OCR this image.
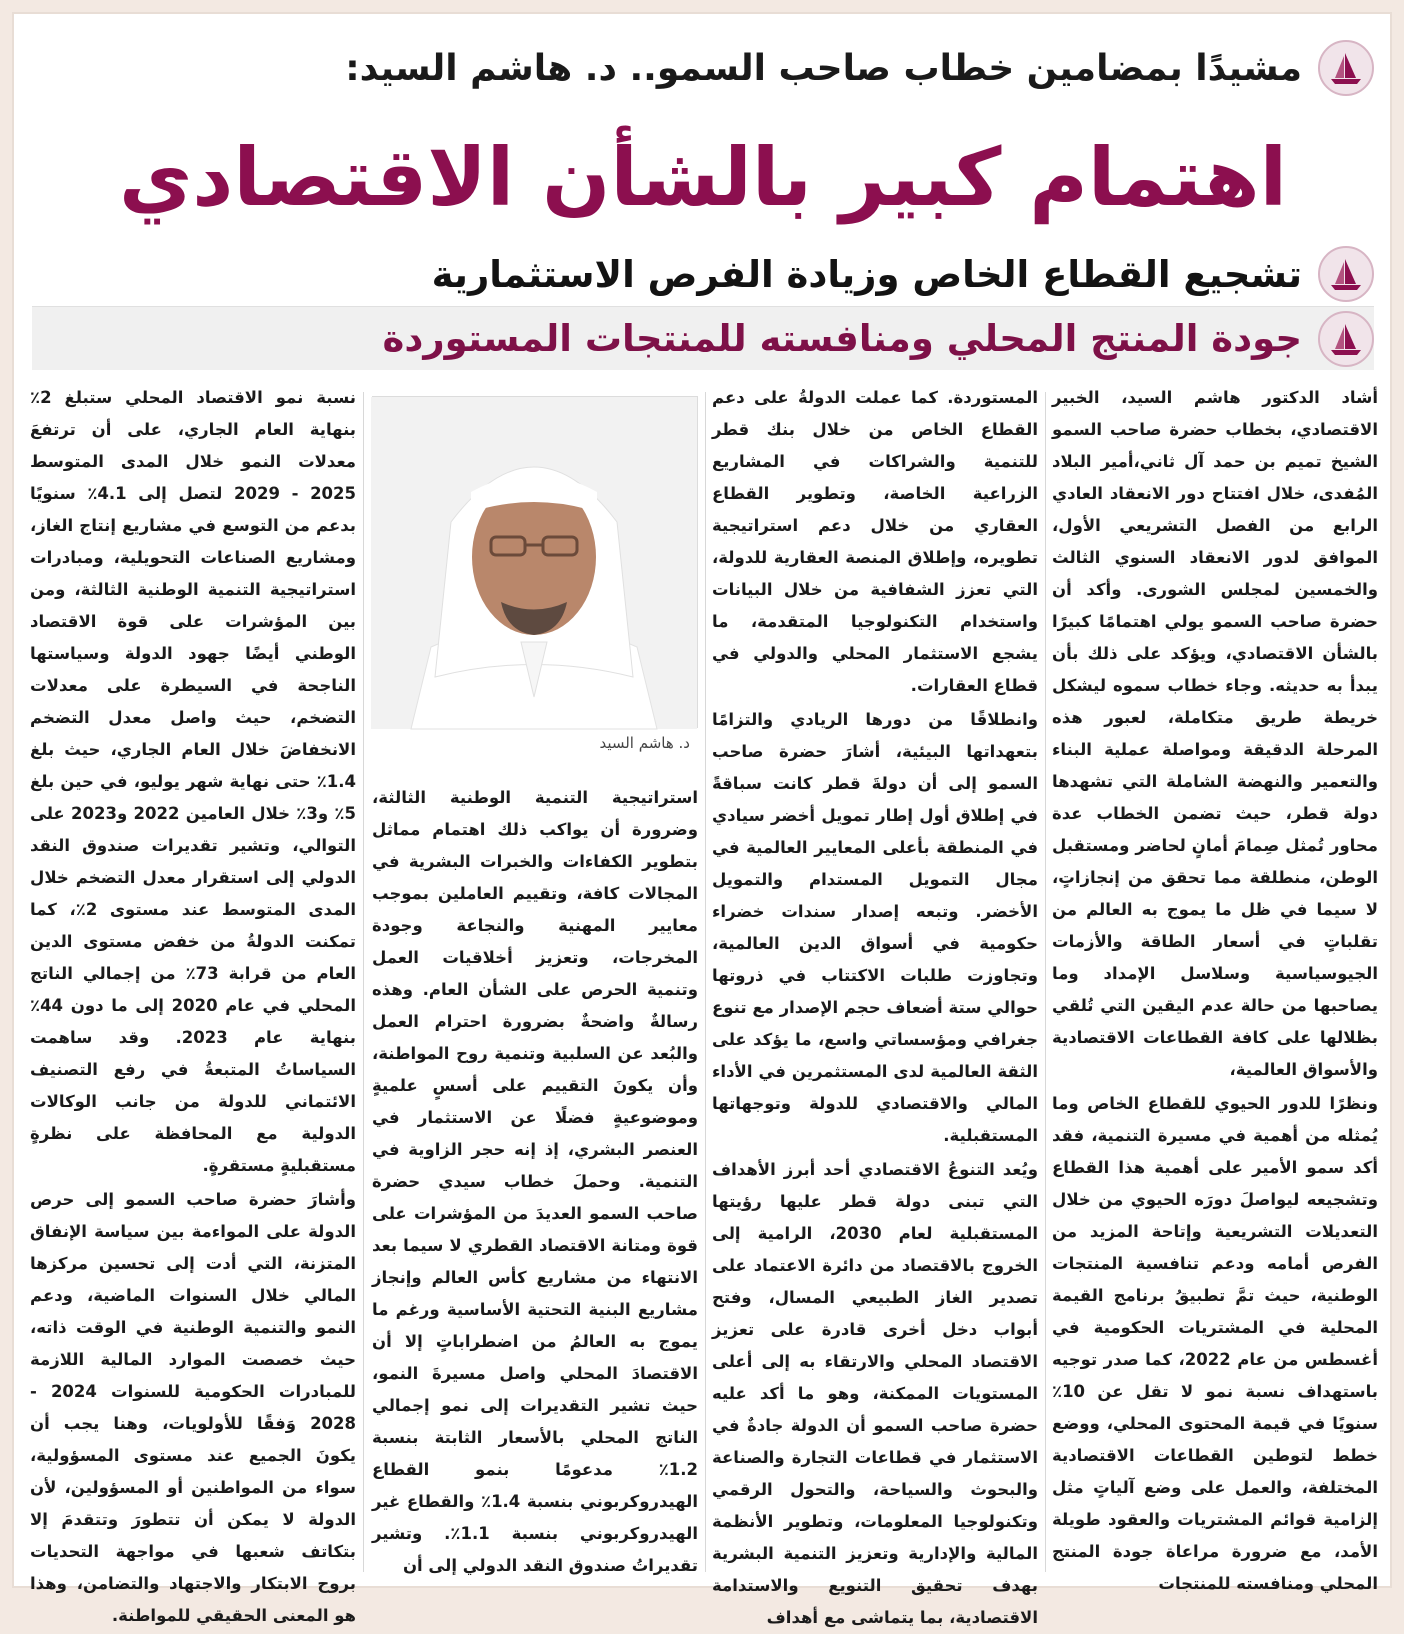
مشيدًا بمضامين خطاب صاحب السمو.. د. هاشم السيد:
اهتمام كبير بالشأن الاقتصادي
تشجيع القطاع الخاص وزيادة الفرص الاستثمارية
جودة المنتج المحلي ومنافسته للمنتجات المستوردة

أشاد الدكتور هاشم السيد، الخبير الاقتصادي، بخطاب حضرة صاحب السمو الشيخ تميم بن حمد آل ثاني،أمير البلاد المُفدى، خلال افتتاح دور الانعقاد العادي الرابع من الفصل التشريعي الأول، الموافق لدور الانعقاد السنوي الثالث والخمسين لمجلس الشورى. وأكد أن حضرة صاحب السمو يولي اهتمامًا كبيرًا بالشأن الاقتصادي، ويؤكد على ذلك بأن يبدأ به حديثه. وجاء خطاب سموه ليشكل خريطة طريق متكاملة، لعبور هذه المرحلة الدقيقة ومواصلة عملية البناء والتعمير والنهضة الشاملة التي تشهدها دولة قطر، حيث تضمن الخطاب عدة محاور تُمثل صِمامَ أمانٍ لحاضر ومستقبل الوطن، منطلقة مما تحقق من إنجازاتٍ، لا سيما في ظل ما يموج به العالم من تقلباتٍ في أسعار الطاقة والأزمات الجيوسياسية وسلاسل الإمداد وما يصاحبها من حالة عدم اليقين التي تُلقي بظلالها على كافة القطاعات الاقتصادية والأسواق العالمية،

ونظرًا للدور الحيوي للقطاع الخاص وما يُمثله من أهمية في مسيرة التنمية، فقد أكد سمو الأمير على أهمية هذا القطاع وتشجيعه ليواصلَ دورَه الحيوي من خلال التعديلات التشريعية وإتاحة المزيد من الفرص أمامه ودعم تنافسية المنتجات الوطنية، حيث تمَّ تطبيقُ برنامج القيمة المحلية في المشتريات الحكومية في أغسطس من عام 2022، كما صدر توجيه باستهداف نسبة نمو لا تقل عن 10٪ سنويًا في قيمة المحتوى المحلي، ووضع خطط لتوطين القطاعات الاقتصادية المختلفة، والعمل على وضع آلياتٍ مثل إلزامية قوائم المشتريات والعقود طويلة الأمد، مع ضرورة مراعاة جودة المنتج المحلي ومنافسته للمنتجات

المستوردة. كما عملت الدولةُ على دعم القطاع الخاص من خلال بنك قطر للتنمية والشراكات في المشاريع الزراعية الخاصة، وتطوير القطاع العقاري من خلال دعم استراتيجية تطويره، وإطلاق المنصة العقارية للدولة، التي تعزز الشفافية من خلال البيانات واستخدام التكنولوجيا المتقدمة، ما يشجع الاستثمار المحلي والدولي في قطاع العقارات.

وانطلاقًا من دورها الريادي والتزامًا بتعهداتها البيئية، أشارَ حضرة صاحب السمو إلى أن دولةَ قطر كانت سباقةً في إطلاق أول إطار تمويل أخضر سيادي في المنطقة بأعلى المعايير العالمية في مجال التمويل المستدام والتمويل الأخضر. وتبعه إصدار سندات خضراء حكومية في أسواق الدين العالمية، وتجاوزت طلبات الاكتتاب في ذروتها حوالي ستة أضعاف حجم الإصدار مع تنوع جغرافي ومؤسساتي واسع، ما يؤكد على الثقة العالمية لدى المستثمرين في الأداء المالي والاقتصادي للدولة وتوجهاتها المستقبلية.

ويُعد التنوعُ الاقتصادي أحد أبرز الأهداف التي تبنى دولة قطر عليها رؤيتها المستقبلية لعام 2030، الرامية إلى الخروج بالاقتصاد من دائرة الاعتماد على تصدير الغاز الطبيعي المسال، وفتح أبواب دخل أخرى قادرة على تعزيز الاقتصاد المحلي والارتقاء به إلى أعلى المستويات الممكنة، وهو ما أكد عليه حضرة صاحب السمو أن الدولة جادةٌ في الاستثمار في قطاعات التجارة والصناعة والبحوث والسياحة، والتحول الرقمي وتكنولوجيا المعلومات، وتطوير الأنظمة المالية والإدارية وتعزيز التنمية البشرية بهدف تحقيق التنويع والاستدامة الاقتصادية، بما يتماشى مع أهداف

د. هاشم السيد

استراتيجية التنمية الوطنية الثالثة، وضرورة أن يواكب ذلك اهتمام مماثل بتطوير الكفاءات والخبرات البشرية في المجالات كافة، وتقييم العاملين بموجب معايير المهنية والنجاعة وجودة المخرجات، وتعزيز أخلاقيات العمل وتنمية الحرص على الشأن العام. وهذه رسالةٌ واضحةٌ بضرورة احترام العمل والبُعد عن السلبية وتنمية روح المواطنة، وأن يكونَ التقييم على أسسٍ علميةٍ وموضوعيةٍ فضلًا عن الاستثمار في العنصر البشري، إذ إنه حجر الزاوية في التنمية. وحملَ خطاب سيدي حضرة صاحب السمو العديدَ من المؤشرات على قوة ومتانة الاقتصاد القطري لا سيما بعد الانتهاء من مشاريع كأس العالم وإنجاز مشاريع البنية التحتية الأساسية ورغم ما يموج به العالمُ من اضطراباتٍ إلا أن الاقتصادَ المحلي واصل مسيرةَ النمو، حيث تشير التقديرات إلى نمو إجمالي الناتج المحلي بالأسعار الثابتة بنسبة 1.2٪ مدعومًا بنمو القطاع الهيدروكربوني بنسبة 1.4٪ والقطاع غير الهيدروكربوني بنسبة 1.1٪. وتشير تقديراتُ صندوق النقد الدولي إلى أن

نسبة نمو الاقتصاد المحلي ستبلغ 2٪ بنهاية العام الجاري، على أن ترتفعَ معدلات النمو خلال المدى المتوسط 2025 - 2029 لتصل إلى 4.1٪ سنويًا بدعم من التوسع في مشاريع إنتاج الغاز، ومشاريع الصناعات التحويلية، ومبادرات استراتيجية التنمية الوطنية الثالثة، ومن بين المؤشرات على قوة الاقتصاد الوطني أيضًا جهود الدولة وسياستها الناجحة في السيطرة على معدلات التضخم، حيث واصل معدل التضخم الانخفاضَ خلال العام الجاري، حيث بلغ 1.4٪ حتى نهاية شهر يوليو، في حين بلغ 5٪ و3٪ خلال العامين 2022 و2023 على التوالي، وتشير تقديرات صندوق النقد الدولي إلى استقرار معدل التضخم خلال المدى المتوسط عند مستوى 2٪، كما تمكنت الدولةُ من خفض مستوى الدين العام من قرابة 73٪ من إجمالي الناتج المحلي في عام 2020 إلى ما دون 44٪ بنهاية عام 2023. وقد ساهمت السياساتُ المتبعةُ في رفع التصنيف الائتماني للدولة من جانب الوكالات الدولية مع المحافظة على نظرةٍ مستقبليةٍ مستقرةٍ.

وأشارَ حضرة صاحب السمو إلى حرص الدولة على المواءمة بين سياسة الإنفاق المتزنة، التي أدت إلى تحسين مركزها المالي خلال السنوات الماضية، ودعم النمو والتنمية الوطنية في الوقت ذاته، حيث خصصت الموارد المالية اللازمة للمبادرات الحكومية للسنوات 2024 - 2028 وَفقًا للأولويات، وهنا يجب أن يكونَ الجميع عند مستوى المسؤولية، سواء من المواطنين أو المسؤولين، لأن الدولة لا يمكن أن تتطورَ وتتقدمَ إلا بتكاتف شعبها في مواجهة التحديات بروح الابتكار والاجتهاد والتضامن، وهذا هو المعنى الحقيقي للمواطنة.
